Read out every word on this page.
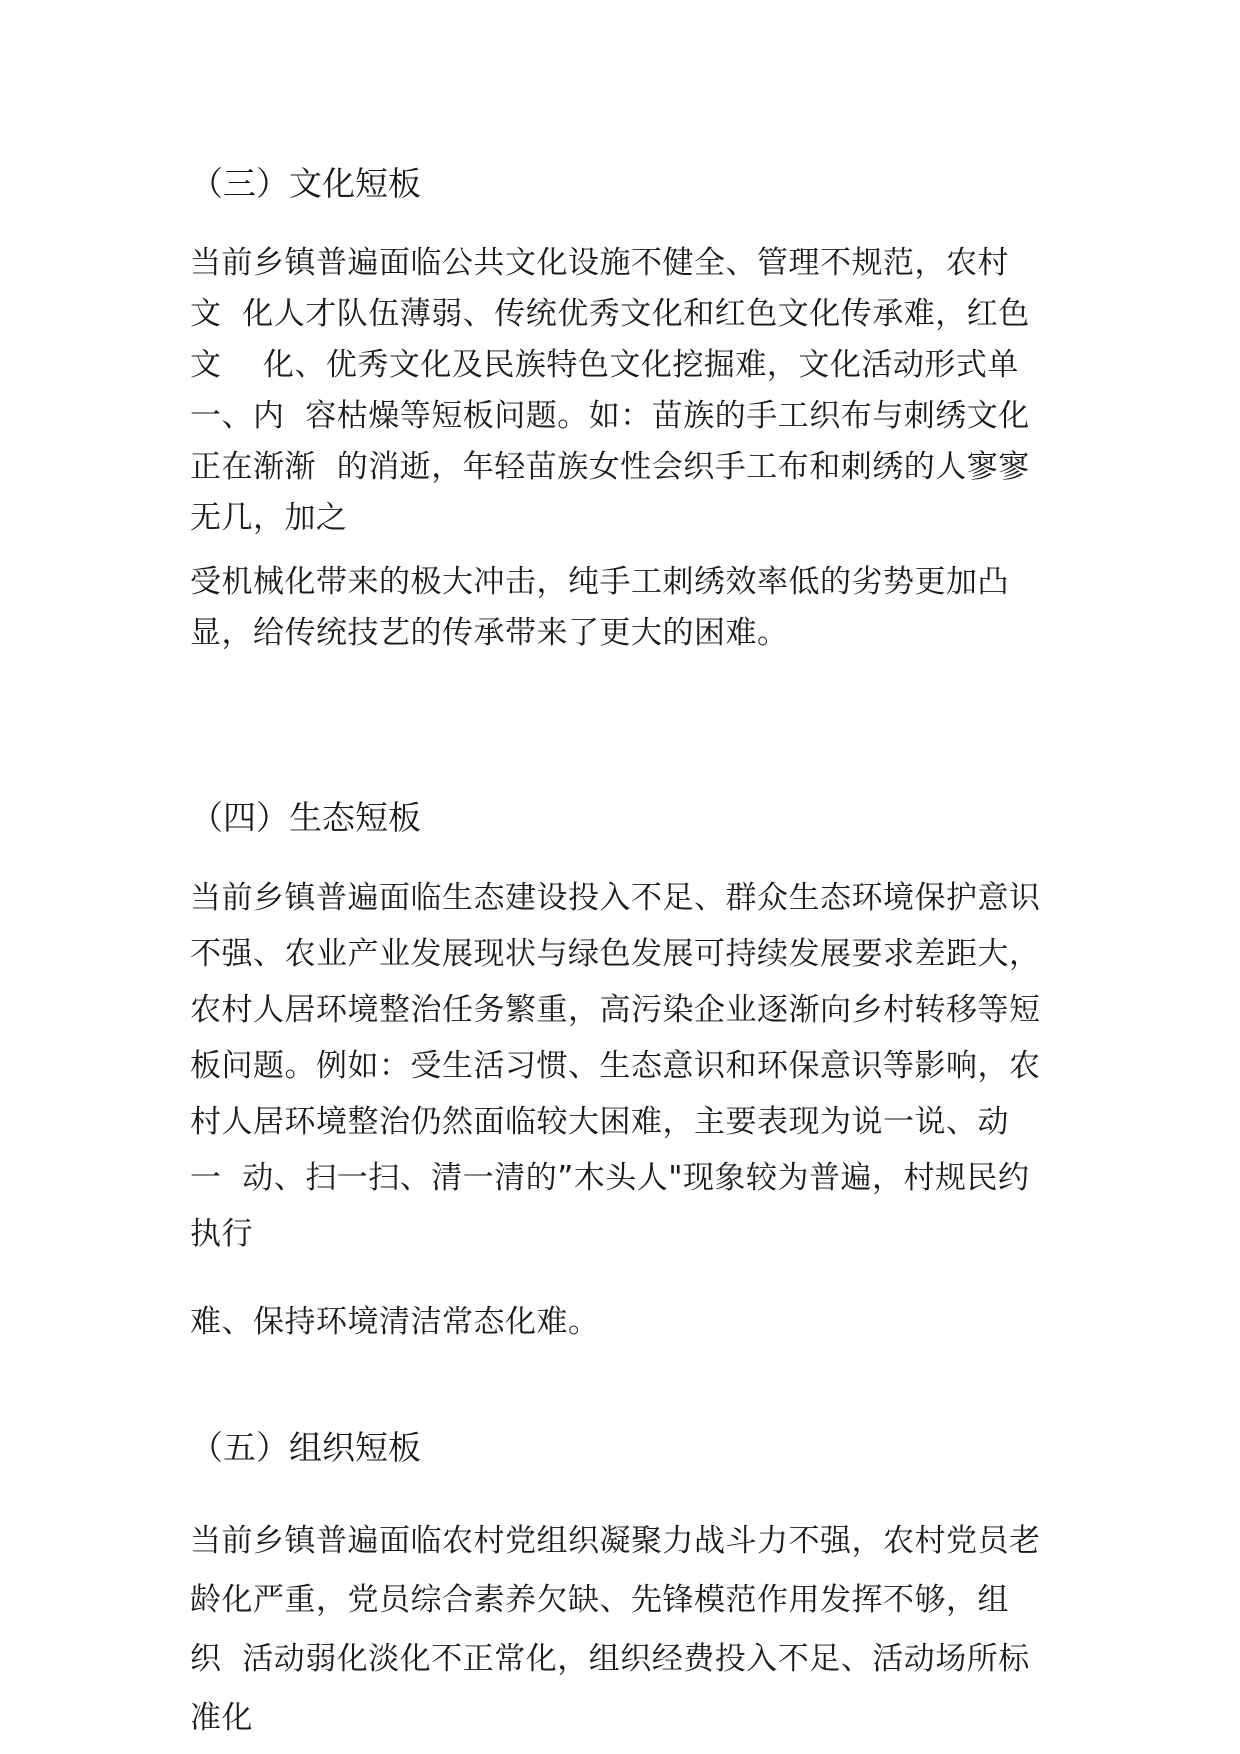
（三）文化短板
当前乡镇普遍面临公共文化设施不健全、管理不规范，农村
文  化人才队伍薄弱、传统优秀文化和红色文化传承难，红色
文    化、优秀文化及民族特色文化挖掘难，文化活动形式单
一、内  容枯燥等短板问题。如：苗族的手工织布与刺绣文化
正在渐渐  的消逝，年轻苗族女性会织手工布和刺绣的人寥寥
无几，加之
受机械化带来的极大冲击，纯手工刺绣效率低的劣势更加凸
显，给传统技艺的传承带来了更大的困难。
（四）生态短板
当前乡镇普遍面临生态建设投入不足、群众生态环境保护意识
不强、农业产业发展现状与绿色发展可持续发展要求差距大，
农村人居环境整治任务繁重，高污染企业逐渐向乡村转移等短
板问题。例如：受生活习惯、生态意识和环保意识等影响，农
村人居环境整治仍然面临较大困难，主要表现为说一说、动
一  动、扫一扫、清一清的”木头人"现象较为普遍，村规民约
执行
难、保持环境清洁常态化难。
（五）组织短板
当前乡镇普遍面临农村党组织凝聚力战斗力不强，农村党员老
龄化严重，党员综合素养欠缺、先锋模范作用发挥不够，组
织  活动弱化淡化不正常化，组织经费投入不足、活动场所标
准化
